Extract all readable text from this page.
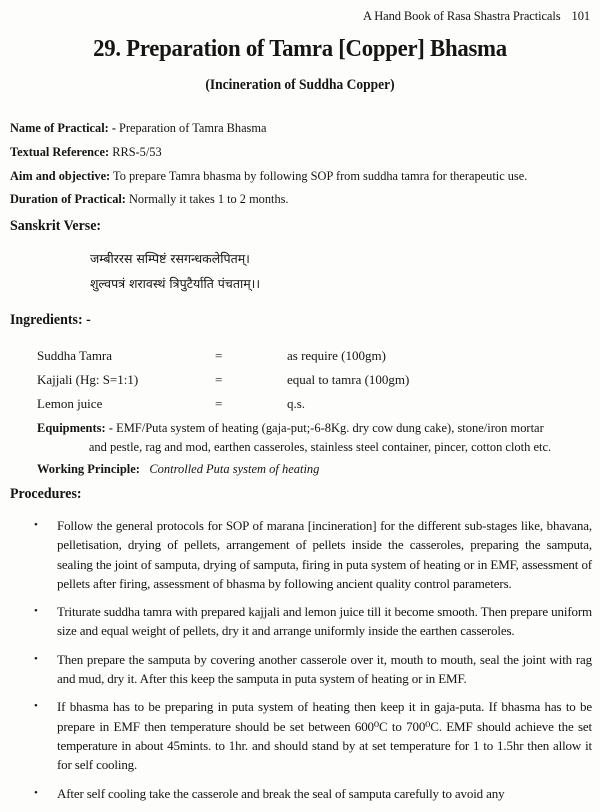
A Hand Book of Rasa Shastra Practicals 101
29. Preparation of Tamra [Copper] Bhasma
(Incineration of Suddha Copper)
Name of Practical: - Preparation of Tamra Bhasma
Textual Reference: RRS-5/53
Aim and objective: To prepare Tamra bhasma by following SOP from suddha tamra for therapeutic use.
Duration of Practical: Normally it takes 1 to 2 months.
Sanskrit Verse:
जम्बीररस सम्पिष्टं रसगन्धकलेपितम्।
शुल्वपत्रं शरावस्थं त्रिपुटैर्याति पंचताम्।।
Ingredients: -
Suddha Tamra	=	as require (100gm)
Kajjali (Hg: S=1:1)	=	equal to tamra (100gm)
Lemon juice	=	q.s.
Equipments: - EMF/Puta system of heating (gaja-put;-6-8Kg. dry cow dung cake), stone/iron mortar
and pestle, rag and mod, earthen casseroles, stainless steel container, pincer, cotton cloth etc.
Working Principle: Controlled Puta system of heating
Procedures:
• Follow the general protocols for SOP of marana [incineration] for the different sub-stages like, bhavana, pelletisation, drying of pellets, arrangement of pellets inside the casseroles, preparing the samputa, sealing the joint of samputa, drying of samputa, firing in puta system of heating or in EMF, assessment of pellets after firing, assessment of bhasma by following ancient quality control parameters.
• Triturate suddha tamra with prepared kajjali and lemon juice till it become smooth. Then prepare uniform size and equal weight of pellets, dry it and arrange uniformly inside the earthen casseroles.
• Then prepare the samputa by covering another casserole over it, mouth to mouth, seal the joint with rag and mud, dry it. After this keep the samputa in puta system of heating or in EMF.
• If bhasma has to be preparing in puta system of heating then keep it in gaja-puta. If bhasma has to be prepare in EMF then temperature should be set between 600⁰C to 700⁰C. EMF should achieve the set temperature in about 45mints. to 1hr. and should stand by at set temperature for 1 to 1.5hr then allow it for self cooling.
• After self cooling take the casserole and break the seal of samputa carefully to avoid any
